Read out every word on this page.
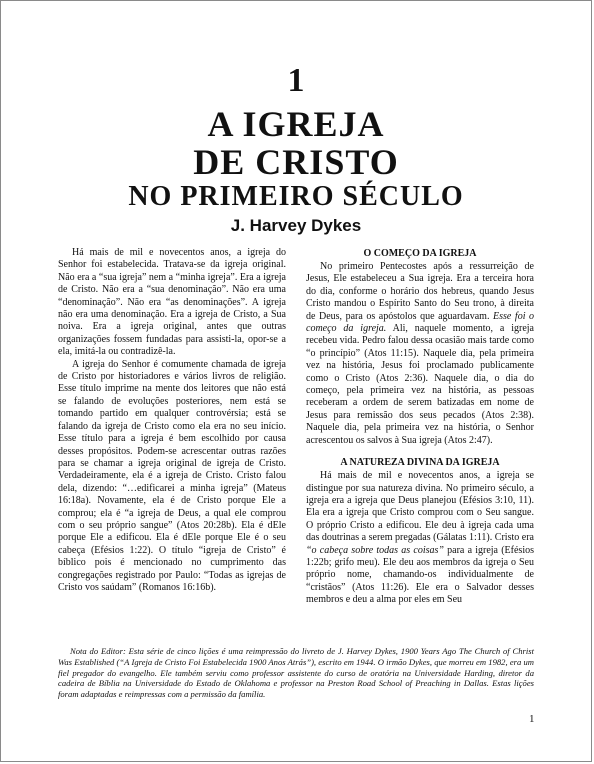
1
A IGREJA
DE CRISTO
NO PRIMEIRO SÉCULO
J. Harvey Dykes

Há mais de mil e novecentos anos, a igreja do Senhor foi estabelecida. Tratava-se da igreja original. Não era a “sua igreja” nem a “minha igreja”. Era a igreja de Cristo. Não era a “sua denominação”. Não era uma “denominação”. Não era “as denominações”. A igreja não era uma denominação. Era a igreja de Cristo, a Sua noiva. Era a igreja original, antes que outras organizações fossem fundadas para assisti-la, opor-se a ela, imitá-la ou contradizê-la.

A igreja do Senhor é comumente chamada de igreja de Cristo por historiadores e vários livros de religião. Esse título imprime na mente dos leitores que não está se falando de evoluções posteriores, nem está se tomando partido em qualquer controvérsia; está se falando da igreja de Cristo como ela era no seu início. Esse título para a igreja é bem escolhido por causa desses propósitos. Podem-se acrescentar outras razões para se chamar a igreja original de igreja de Cristo. Verdadeiramente, ela é a igreja de Cristo. Cristo falou dela, dizendo: “…edificarei a minha igreja” (Mateus 16:18a). Novamente, ela é de Cristo porque Ele a comprou; ela é “a igreja de Deus, a qual ele comprou com o seu próprio sangue” (Atos 20:28b). Ela é dEle porque Ele a edificou. Ela é dEle porque Ele é o seu cabeça (Efésios 1:22). O título “igreja de Cristo” é bíblico pois é mencionado no cumprimento das congregações registrado por Paulo: “Todas as igrejas de Cristo vos saúdam” (Romanos 16:16b).

O COMEÇO DA IGREJA

No primeiro Pentecostes após a ressurreição de Jesus, Ele estabeleceu a Sua igreja. Era a terceira hora do dia, conforme o horário dos hebreus, quando Jesus Cristo mandou o Espírito Santo do Seu trono, à direita de Deus, para os apóstolos que aguardavam. Esse foi o começo da igreja. Ali, naquele momento, a igreja recebeu vida. Pedro falou dessa ocasião mais tarde como “o princípio” (Atos 11:15). Naquele dia, pela primeira vez na história, Jesus foi proclamado publicamente como o Cristo (Atos 2:36). Naquele dia, o dia do começo, pela primeira vez na história, as pessoas receberam a ordem de serem batizadas em nome de Jesus para remissão dos seus pecados (Atos 2:38). Naquele dia, pela primeira vez na história, o Senhor acrescentou os salvos à Sua igreja (Atos 2:47).

A NATUREZA DIVINA DA IGREJA

Há mais de mil e novecentos anos, a igreja se distingue por sua natureza divina. No primeiro século, a igreja era a igreja que Deus planejou (Efésios 3:10, 11). Ela era a igreja que Cristo comprou com o Seu sangue. O próprio Cristo a edificou. Ele deu à igreja cada uma das doutrinas a serem pregadas (Gálatas 1:11). Cristo era “o cabeça sobre todas as coisas” para a igreja (Efésios 1:22b; grifo meu). Ele deu aos membros da igreja o Seu próprio nome, chamando-os individualmente de “cristãos” (Atos 11:26). Ele era o Salvador desses membros e deu a alma por eles em Seu

Nota do Editor: Esta série de cinco lições é uma reimpressão do livreto de J. Harvey Dykes, 1900 Years Ago The Church of Christ Was Established (“A Igreja de Cristo Foi Estabelecida 1900 Anos Atrás”), escrito em 1944. O irmão Dykes, que morreu em 1982, era um fiel pregador do evangelho. Ele também serviu como professor assistente do curso de oratória na Universidade Harding, diretor da cadeira de Bíblia na Universidade do Estado de Oklahoma e professor na Preston Road School of Preaching in Dallas. Estas lições foram adaptadas e reimpressas com a permissão da família.
1
